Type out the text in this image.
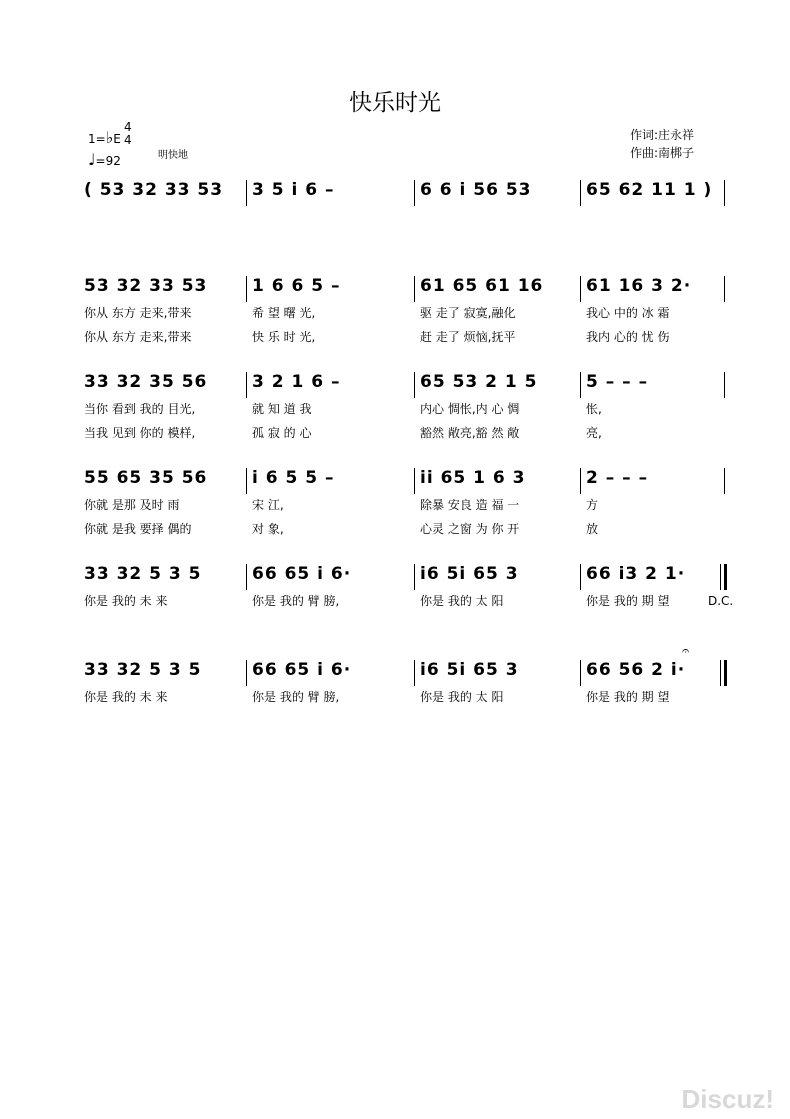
快乐时光
1=♭E
4
4
♩=92	明快地
作词:庄永祥
作曲:南梆子
( 53 32 33 53	3 5 i 6 –	6 6 i 56 53	65 62 11 1 )
53 32 33 53	1 6 6 5 –	61 65 61 16	61 16 3 2·
你从 东方 走来,带来	希 望 曙 光,	驱 走了 寂寞,融化	我心 中的 冰 霜
你从 东方 走来,带来	快 乐 时 光,	赶 走了 烦恼,抚平	我内 心的 忧 伤
33 32 35 56	3 2 1 6 –	65 53 2 1 5	5 – – –
当你 看到 我的 目光,	就 知 道 我	内心 惆怅,内 心 惆	怅,
当我 见到 你的 模样,	孤 寂 的 心	豁然 敞亮,豁 然 敞	亮,
55 65 35 56	i 6 5 5 –	ii 65 1 6 3	2 – – –
你就 是那 及时 雨	宋 江,	除暴 安良 造 福 一	方
你就 是我 要择 偶的	对 象,	心灵 之窗 为 你 开	放
33 32 5 3 5	66 65 i 6·	i6 5i 65 3	66 i3 2 1·
你是 我的 未 来	你是 我的 臂 膀,	你是 我的 太 阳	你是 我的 期 望	D.C.
33 32 5 3 5	66 65 i 6·	i6 5i 65 3	66 56 2 i·
𝄐
你是 我的 未 来	你是 我的 臂 膀,	你是 我的 太 阳	你是 我的 期 望
Discuz!
